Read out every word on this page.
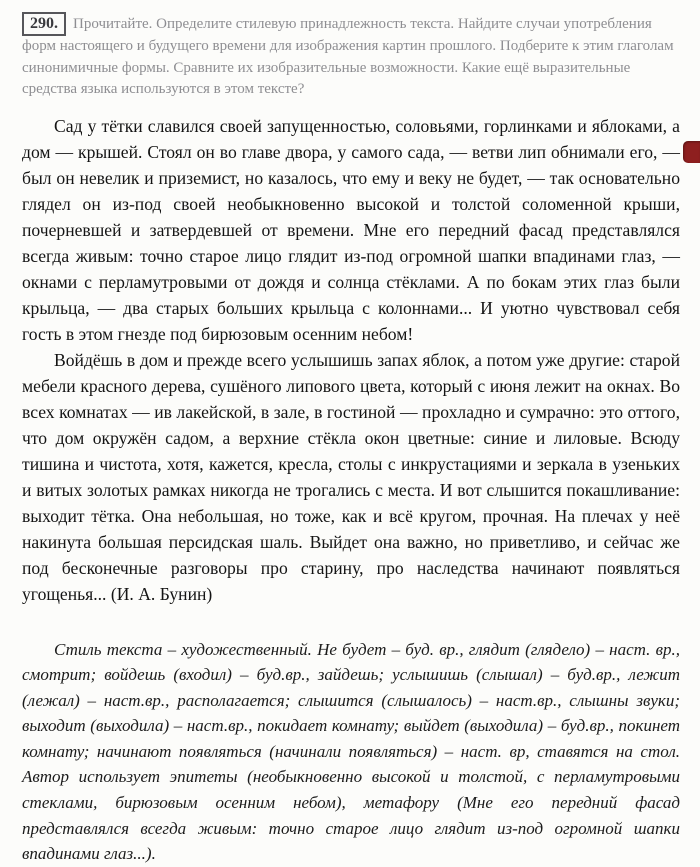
290. Прочитайте. Определите стилевую принадлежность текста. Найдите случаи употребления форм настоящего и будущего времени для изображения картин прошлого. Подберите к этим глаголам синонимичные формы. Сравните их изобразительные возможности. Какие ещё выразительные средства языка используются в этом тексте?

Сад у тётки славился своей запущенностью, соловьями, горлинками и яблоками, а дом — крышей. Стоял он во главе двора, у самого сада, — ветви лип обнимали его, — был он невелик и приземист, но казалось, что ему и веку не будет, — так основательно глядел он из-под своей необыкновенно высокой и толстой соломенной крыши, почерневшей и затвердевшей от времени. Мне его передний фасад представлялся всегда живым: точно старое лицо глядит из-под огромной шапки впадинами глаз, — окнами с перламутровыми от дождя и солнца стёклами. А по бокам этих глаз были крыльца, — два старых больших крыльца с колоннами... И уютно чувствовал себя гость в этом гнезде под бирюзовым осенним небом!

Войдёшь в дом и прежде всего услышишь запах яблок, а потом уже другие: старой мебели красного дерева, сушёного липового цвета, который с июня лежит на окнах. Во всех комнатах — ив лакейской, в зале, в гостиной — прохладно и сумрачно: это оттого, что дом окружён садом, а верхние стёкла окон цветные: синие и лиловые. Всюду тишина и чистота, хотя, кажется, кресла, столы с инкрустациями и зеркала в узеньких и витых золотых рамках никогда не трогались с места. И вот слышится покашливание: выходит тётка. Она небольшая, но тоже, как и всё кругом, прочная. На плечах у неё накинута большая персидская шаль. Выйдет она важно, но приветливо, и сейчас же под бесконечные разговоры про старину, про наследства начинают появляться угощенья... (И. А. Бунин)

Стиль текста – художественный. Не будет – буд. вр., глядит (глядело) – наст. вр., смотрит; войдешь (входил) – буд.вр., зайдешь; услышишь (слышал) – буд.вр., лежит (лежал) – наст.вр., располагается; слышится (слышалось) – наст.вр., слышны звуки; выходит (выходила) – наст.вр., покидает комнату; выйдет (выходила) – буд.вр., покинет комнату; начинают появляться (начинали появляться) – наст. вр, ставятся на стол. Автор использует эпитеты (необыкновенно высокой и толстой, с перламутровыми стеклами, бирюзовым осенним небом), метафору (Мне его передний фасад представлялся всегда живым: точно старое лицо глядит из-под огромной шапки впадинами глаз...).
